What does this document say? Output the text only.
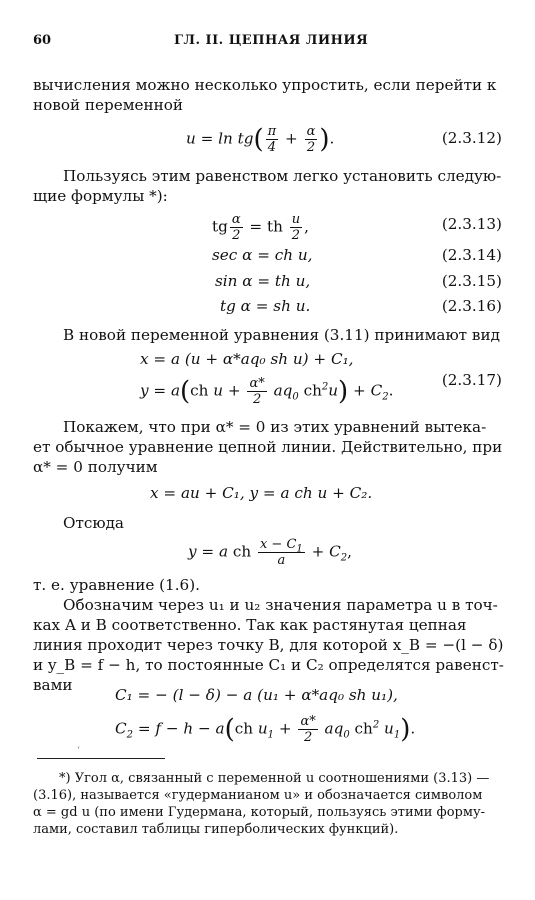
60	ГЛ. II. ЦЕПНАЯ ЛИНИЯ
вычисления можно несколько упростить, если перейти к
новой переменной
$u = \ln tg( \frac{\pi}{4} + \frac{\alpha}{2}$ ).	(2.3.12)
Пользуясь этим равенством легко установить следую-
щие формулы *):
tg $\frac{\alpha}{2}$ = th $\frac{u}{2}$ ,	(2.3.13)
sec α = ch u,	(2.3.14)
sin α = th u,	(2.3.15)
tg α = sh u.	(2.3.16)
В новой переменной уравнения (3.11) принимают вид
x = a (u + α*aq₀ sh u) + C₁,
y = a(ch $u + \frac{\alpha*}{2} aq_0$ $ch^2u) + C_2$.
(2.3.17)
Покажем, что при α* = 0 из этих уравнений вытека-
ет обычное уравнение цепной линии. Действительно, при
α* = 0 получим
x = au + C₁, y = a ch u + C₂.
Отсюда
y = a ch $\frac{x - C_1}{a} + C_2$,
т. е. уравнение (1.6).
Обозначим через u₁ и u₂ значения параметра u в точ-
ках A и B соответственно. Так как растянутая цепная
линия проходит через точку B, для которой x_B = −(l − δ)
и y_B = f − h, то постоянные C₁ и C₂ определятся равенст-
вами
C₁ = − (l − δ) − a (u₁ + α*aq₀ sh u₁),
$C_2 = f - h - a(ch$ $u_1 + \frac{\alpha*}{2} aq_0$ $ch^2$ $u_1$).
‘
*) Угол α, связанный с переменной u соотношениями (3.13) —
(3.16), называется «гудерманианом u» и обозначается символом
α = gd u (по имени Гудермана, который, пользуясь этими форму-
лами, составил таблицы гиперболических функций).
